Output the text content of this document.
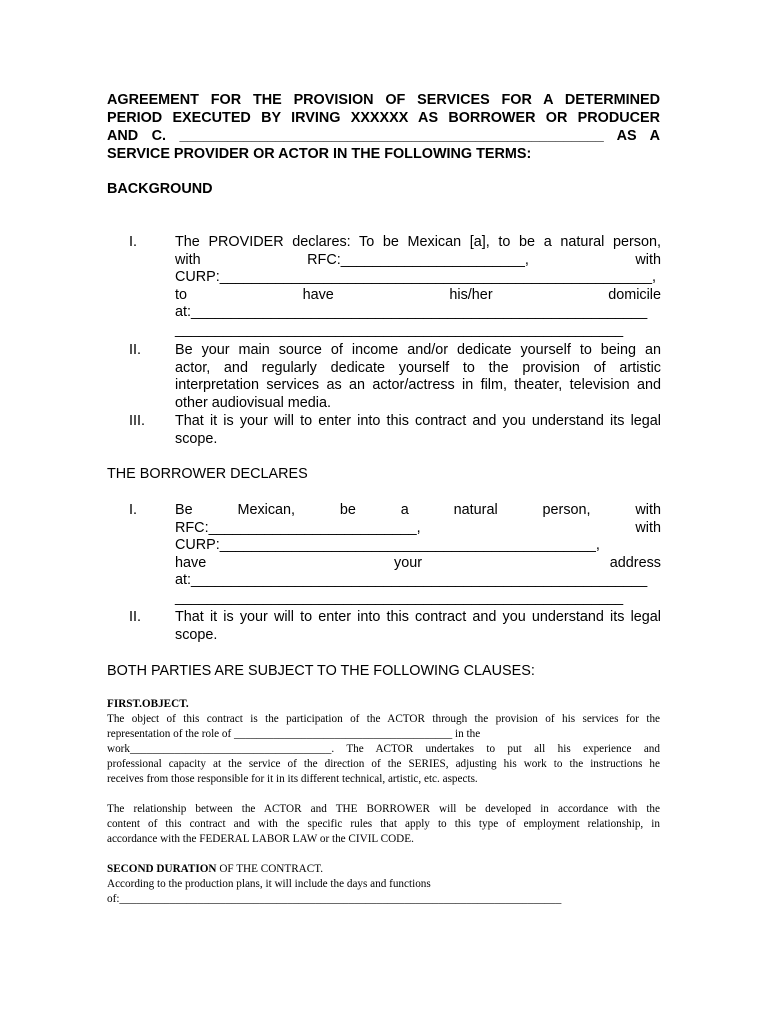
AGREEMENT FOR THE PROVISION OF SERVICES FOR A DETERMINED
PERIOD EXECUTED BY IRVING XXXXXX AS BORROWER OR PRODUCER
AND C. _____________________________________________________ AS A
SERVICE PROVIDER OR ACTOR IN THE FOLLOWING TERMS:
BACKGROUND
I.	The PROVIDER declares: To be Mexican [a], to be a natural person,
with RFC:_______________________, with
CURP:______________________________________________________,
to have his/her domicile
at:_________________________________________________________
________________________________________________________
II.	Be your main source of income and/or dedicate yourself to being an
actor, and regularly dedicate yourself to the provision of artistic
interpretation services as an actor/actress in film, theater, television and
other audiovisual media.
III.	That it is your will to enter into this contract and you understand its legal
scope.
THE BORROWER DECLARES
I.	Be Mexican, be a natural person, with
RFC:__________________________, with
CURP:_______________________________________________,
have your address
at:_________________________________________________________
________________________________________________________
II.	That it is your will to enter into this contract and you understand its legal
scope.
BOTH PARTIES ARE SUBJECT TO THE FOLLOWING CLAUSES:
FIRST.OBJECT.
The object of this contract is the participation of the ACTOR through the provision of his services for the
representation of the role of _______________________________________ in the
work____________________________________. The ACTOR undertakes to put all his experience and
professional capacity at the service of the direction of the SERIES, adjusting his work to the instructions he
receives from those responsible for it in its different technical, artistic, etc. aspects.
The relationship between the ACTOR and THE BORROWER will be developed in accordance with the
content of this contract and with the specific rules that apply to this type of employment relationship, in
accordance with the FEDERAL LABOR LAW or the CIVIL CODE.
SECOND DURATION OF THE CONTRACT.
According to the production plans, it will include the days and functions
of:_______________________________________________________________________________
